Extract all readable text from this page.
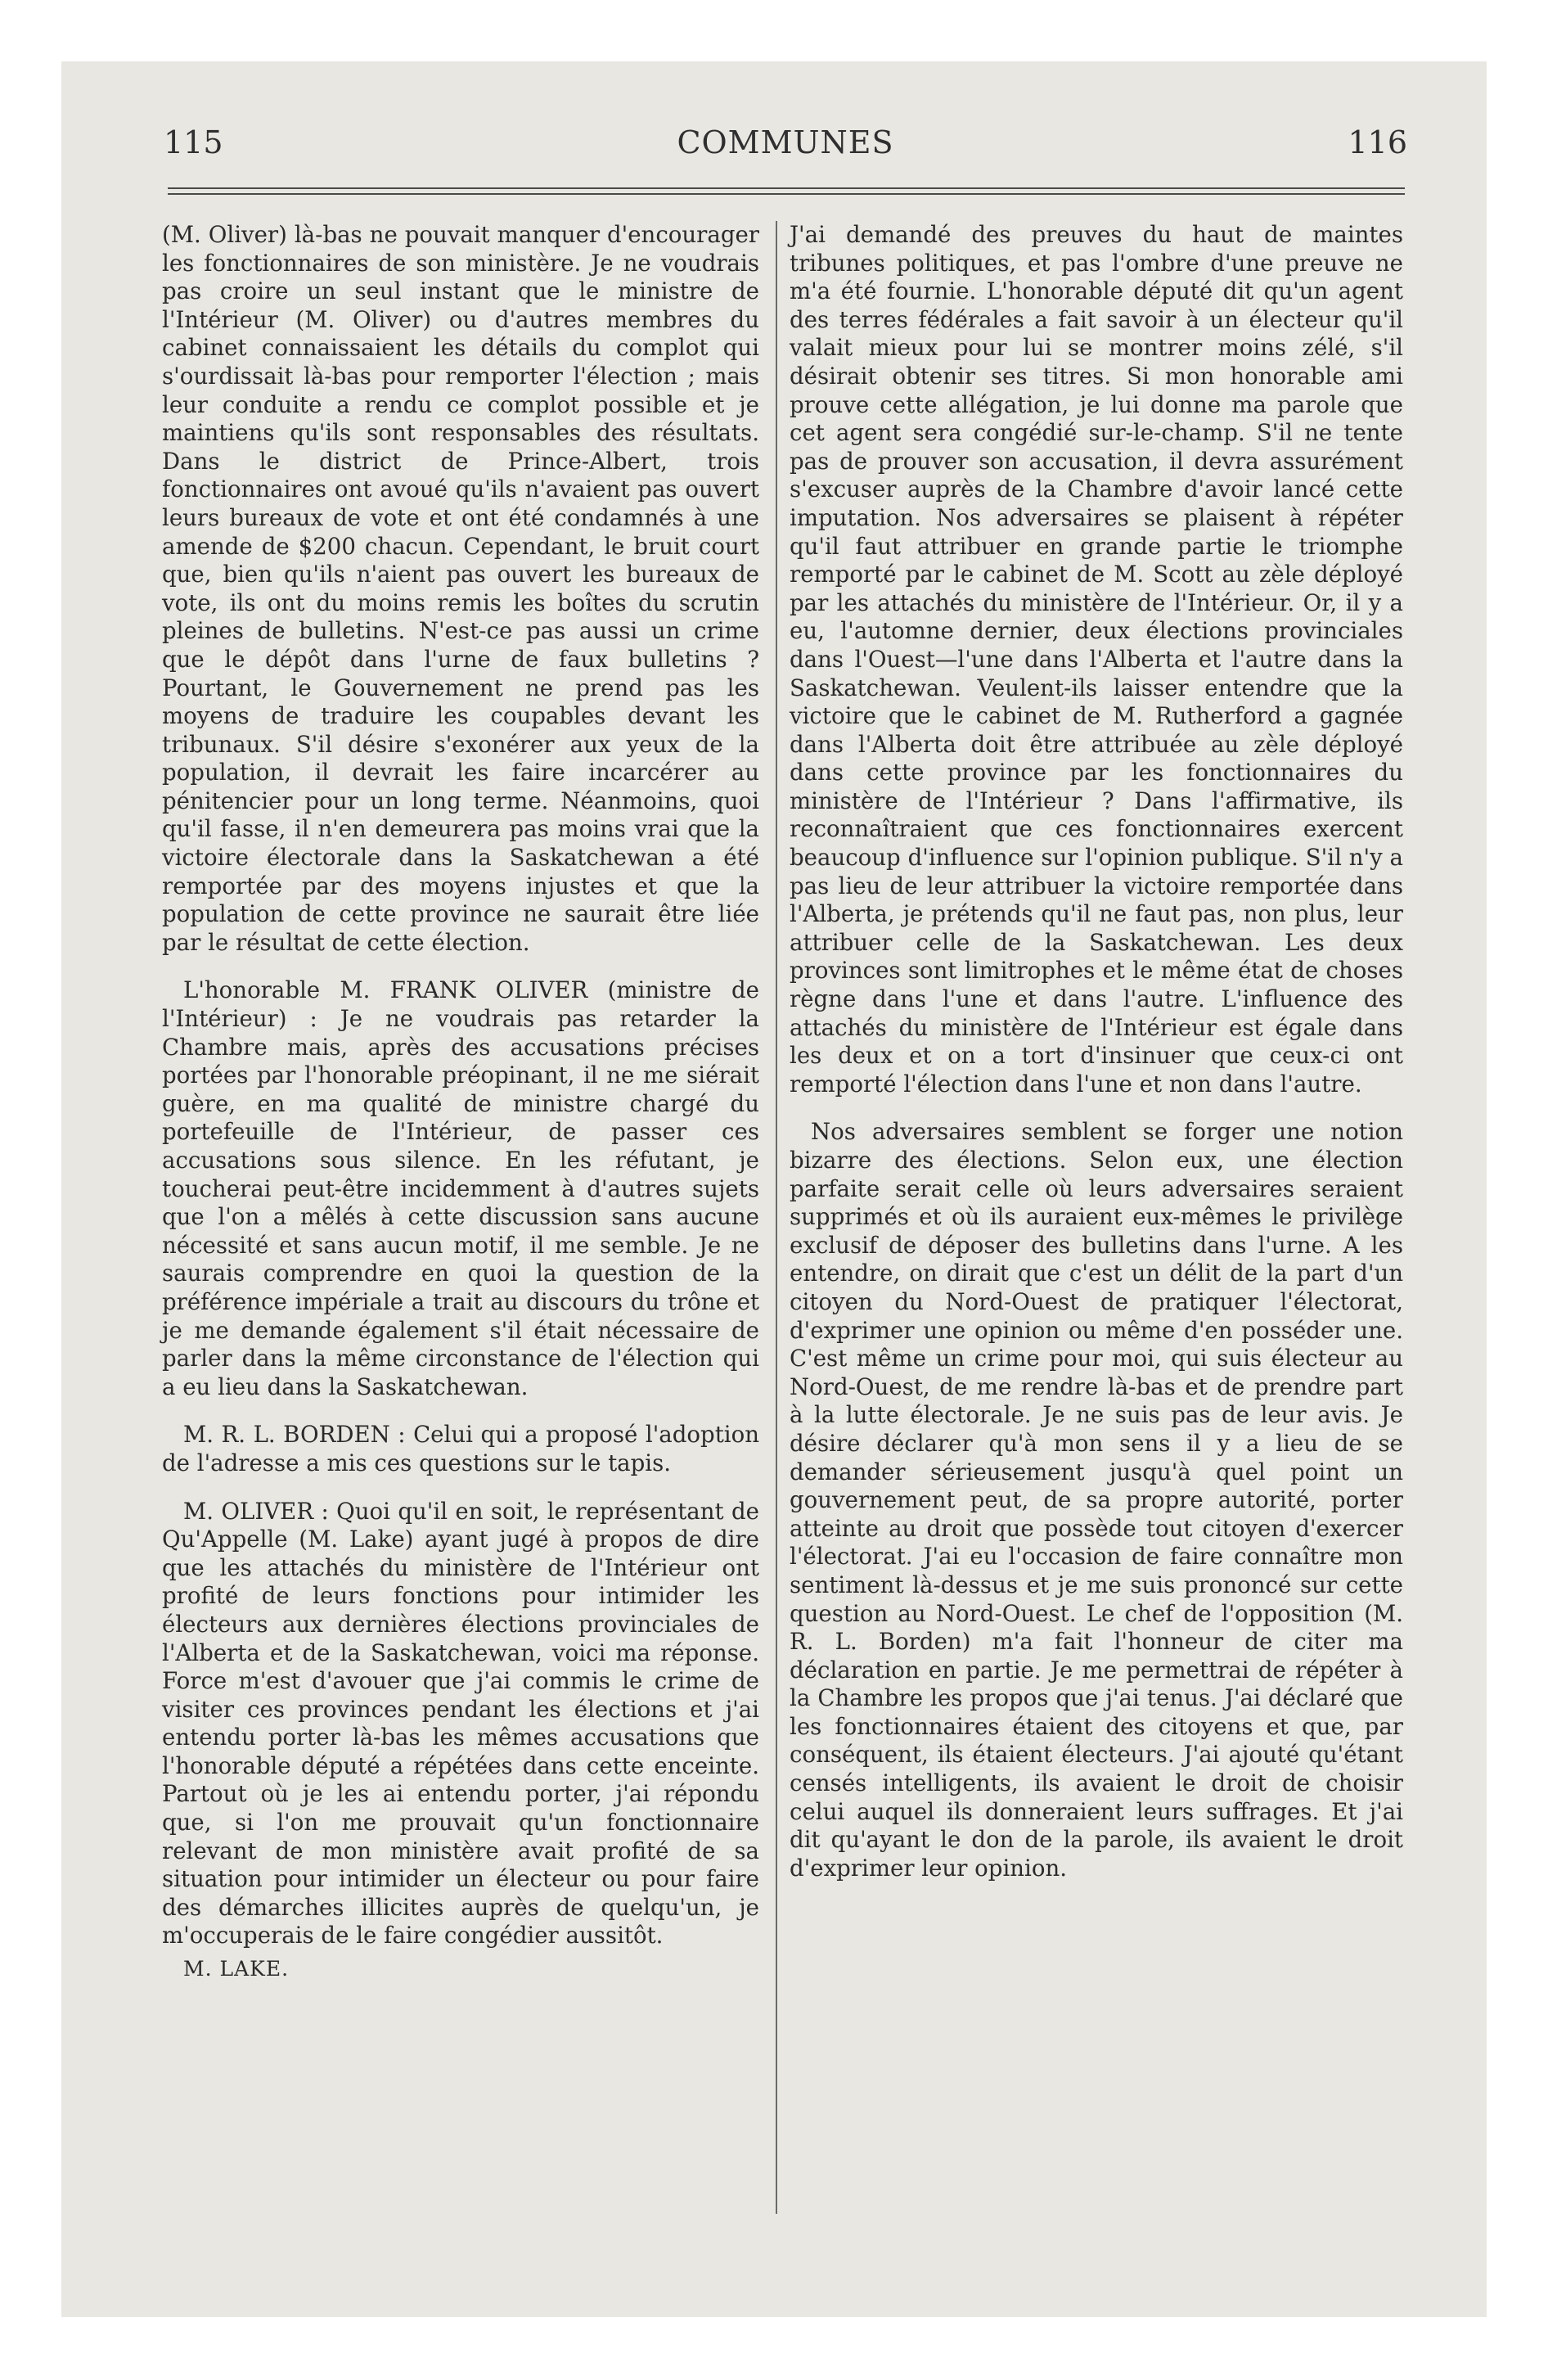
115	COMMUNES	116

(M. Oliver) là-bas ne pouvait manquer d'encourager les fonctionnaires de son ministère. Je ne voudrais pas croire un seul instant que le ministre de l'Intérieur (M. Oliver) ou d'autres membres du cabinet connaissaient les détails du complot qui s'ourdissait là-bas pour remporter l'élection ; mais leur conduite a rendu ce complot possible et je maintiens qu'ils sont responsables des résultats. Dans le district de Prince-Albert, trois fonctionnaires ont avoué qu'ils n'avaient pas ouvert leurs bureaux de vote et ont été condamnés à une amende de $200 chacun. Cependant, le bruit court que, bien qu'ils n'aient pas ouvert les bureaux de vote, ils ont du moins remis les boîtes du scrutin pleines de bulletins. N'est-ce pas aussi un crime que le dépôt dans l'urne de faux bulletins ? Pourtant, le Gouvernement ne prend pas les moyens de traduire les coupables devant les tribunaux. S'il désire s'exonérer aux yeux de la population, il devrait les faire incarcérer au pénitencier pour un long terme. Néanmoins, quoi qu'il fasse, il n'en demeurera pas moins vrai que la victoire électorale dans la Saskatchewan a été remportée par des moyens injustes et que la population de cette province ne saurait être liée par le résultat de cette élection.

L'honorable M. FRANK OLIVER (ministre de l'Intérieur) : Je ne voudrais pas retarder la Chambre mais, après des accusations précises portées par l'honorable préopinant, il ne me siérait guère, en ma qualité de ministre chargé du portefeuille de l'Intérieur, de passer ces accusations sous silence. En les réfutant, je toucherai peut-être incidemment à d'autres sujets que l'on a mêlés à cette discussion sans aucune nécessité et sans aucun motif, il me semble. Je ne saurais comprendre en quoi la question de la préférence impériale a trait au discours du trône et je me demande également s'il était nécessaire de parler dans la même circonstance de l'élection qui a eu lieu dans la Saskatchewan.

M. R. L. BORDEN : Celui qui a proposé l'adoption de l'adresse a mis ces questions sur le tapis.

M. OLIVER : Quoi qu'il en soit, le représentant de Qu'Appelle (M. Lake) ayant jugé à propos de dire que les attachés du ministère de l'Intérieur ont profité de leurs fonctions pour intimider les électeurs aux dernières élections provinciales de l'Alberta et de la Saskatchewan, voici ma réponse. Force m'est d'avouer que j'ai commis le crime de visiter ces provinces pendant les élections et j'ai entendu porter là-bas les mêmes accusations que l'honorable député a répétées dans cette enceinte. Partout où je les ai entendu porter, j'ai répondu que, si l'on me prouvait qu'un fonctionnaire relevant de mon ministère avait profité de sa situation pour intimider un électeur ou pour faire des démarches illicites auprès de quelqu'un, je m'occuperais de le faire congédier aussitôt.

M. LAKE.

J'ai demandé des preuves du haut de maintes tribunes politiques, et pas l'ombre d'une preuve ne m'a été fournie. L'honorable député dit qu'un agent des terres fédérales a fait savoir à un électeur qu'il valait mieux pour lui se montrer moins zélé, s'il désirait obtenir ses titres. Si mon honorable ami prouve cette allégation, je lui donne ma parole que cet agent sera congédié sur-le-champ. S'il ne tente pas de prouver son accusation, il devra assurément s'excuser auprès de la Chambre d'avoir lancé cette imputation. Nos adversaires se plaisent à répéter qu'il faut attribuer en grande partie le triomphe remporté par le cabinet de M. Scott au zèle déployé par les attachés du ministère de l'Intérieur. Or, il y a eu, l'automne dernier, deux élections provinciales dans l'Ouest—l'une dans l'Alberta et l'autre dans la Saskatchewan. Veulent-ils laisser entendre que la victoire que le cabinet de M. Rutherford a gagnée dans l'Alberta doit être attribuée au zèle déployé dans cette province par les fonctionnaires du ministère de l'Intérieur ? Dans l'affirmative, ils reconnaîtraient que ces fonctionnaires exercent beaucoup d'influence sur l'opinion publique. S'il n'y a pas lieu de leur attribuer la victoire remportée dans l'Alberta, je prétends qu'il ne faut pas, non plus, leur attribuer celle de la Saskatchewan. Les deux provinces sont limitrophes et le même état de choses règne dans l'une et dans l'autre. L'influence des attachés du ministère de l'Intérieur est égale dans les deux et on a tort d'insinuer que ceux-ci ont remporté l'élection dans l'une et non dans l'autre.

Nos adversaires semblent se forger une notion bizarre des élections. Selon eux, une élection parfaite serait celle où leurs adversaires seraient supprimés et où ils auraient eux-mêmes le privilège exclusif de déposer des bulletins dans l'urne. A les entendre, on dirait que c'est un délit de la part d'un citoyen du Nord-Ouest de pratiquer l'électorat, d'exprimer une opinion ou même d'en posséder une. C'est même un crime pour moi, qui suis électeur au Nord-Ouest, de me rendre là-bas et de prendre part à la lutte électorale. Je ne suis pas de leur avis. Je désire déclarer qu'à mon sens il y a lieu de se demander sérieusement jusqu'à quel point un gouvernement peut, de sa propre autorité, porter atteinte au droit que possède tout citoyen d'exercer l'électorat. J'ai eu l'occasion de faire connaître mon sentiment là-dessus et je me suis prononcé sur cette question au Nord-Ouest. Le chef de l'opposition (M. R. L. Borden) m'a fait l'honneur de citer ma déclaration en partie. Je me permettrai de répéter à la Chambre les propos que j'ai tenus. J'ai déclaré que les fonctionnaires étaient des citoyens et que, par conséquent, ils étaient électeurs. J'ai ajouté qu'étant censés intelligents, ils avaient le droit de choisir celui auquel ils donneraient leurs suffrages. Et j'ai dit qu'ayant le don de la parole, ils avaient le droit d'exprimer leur opinion.
